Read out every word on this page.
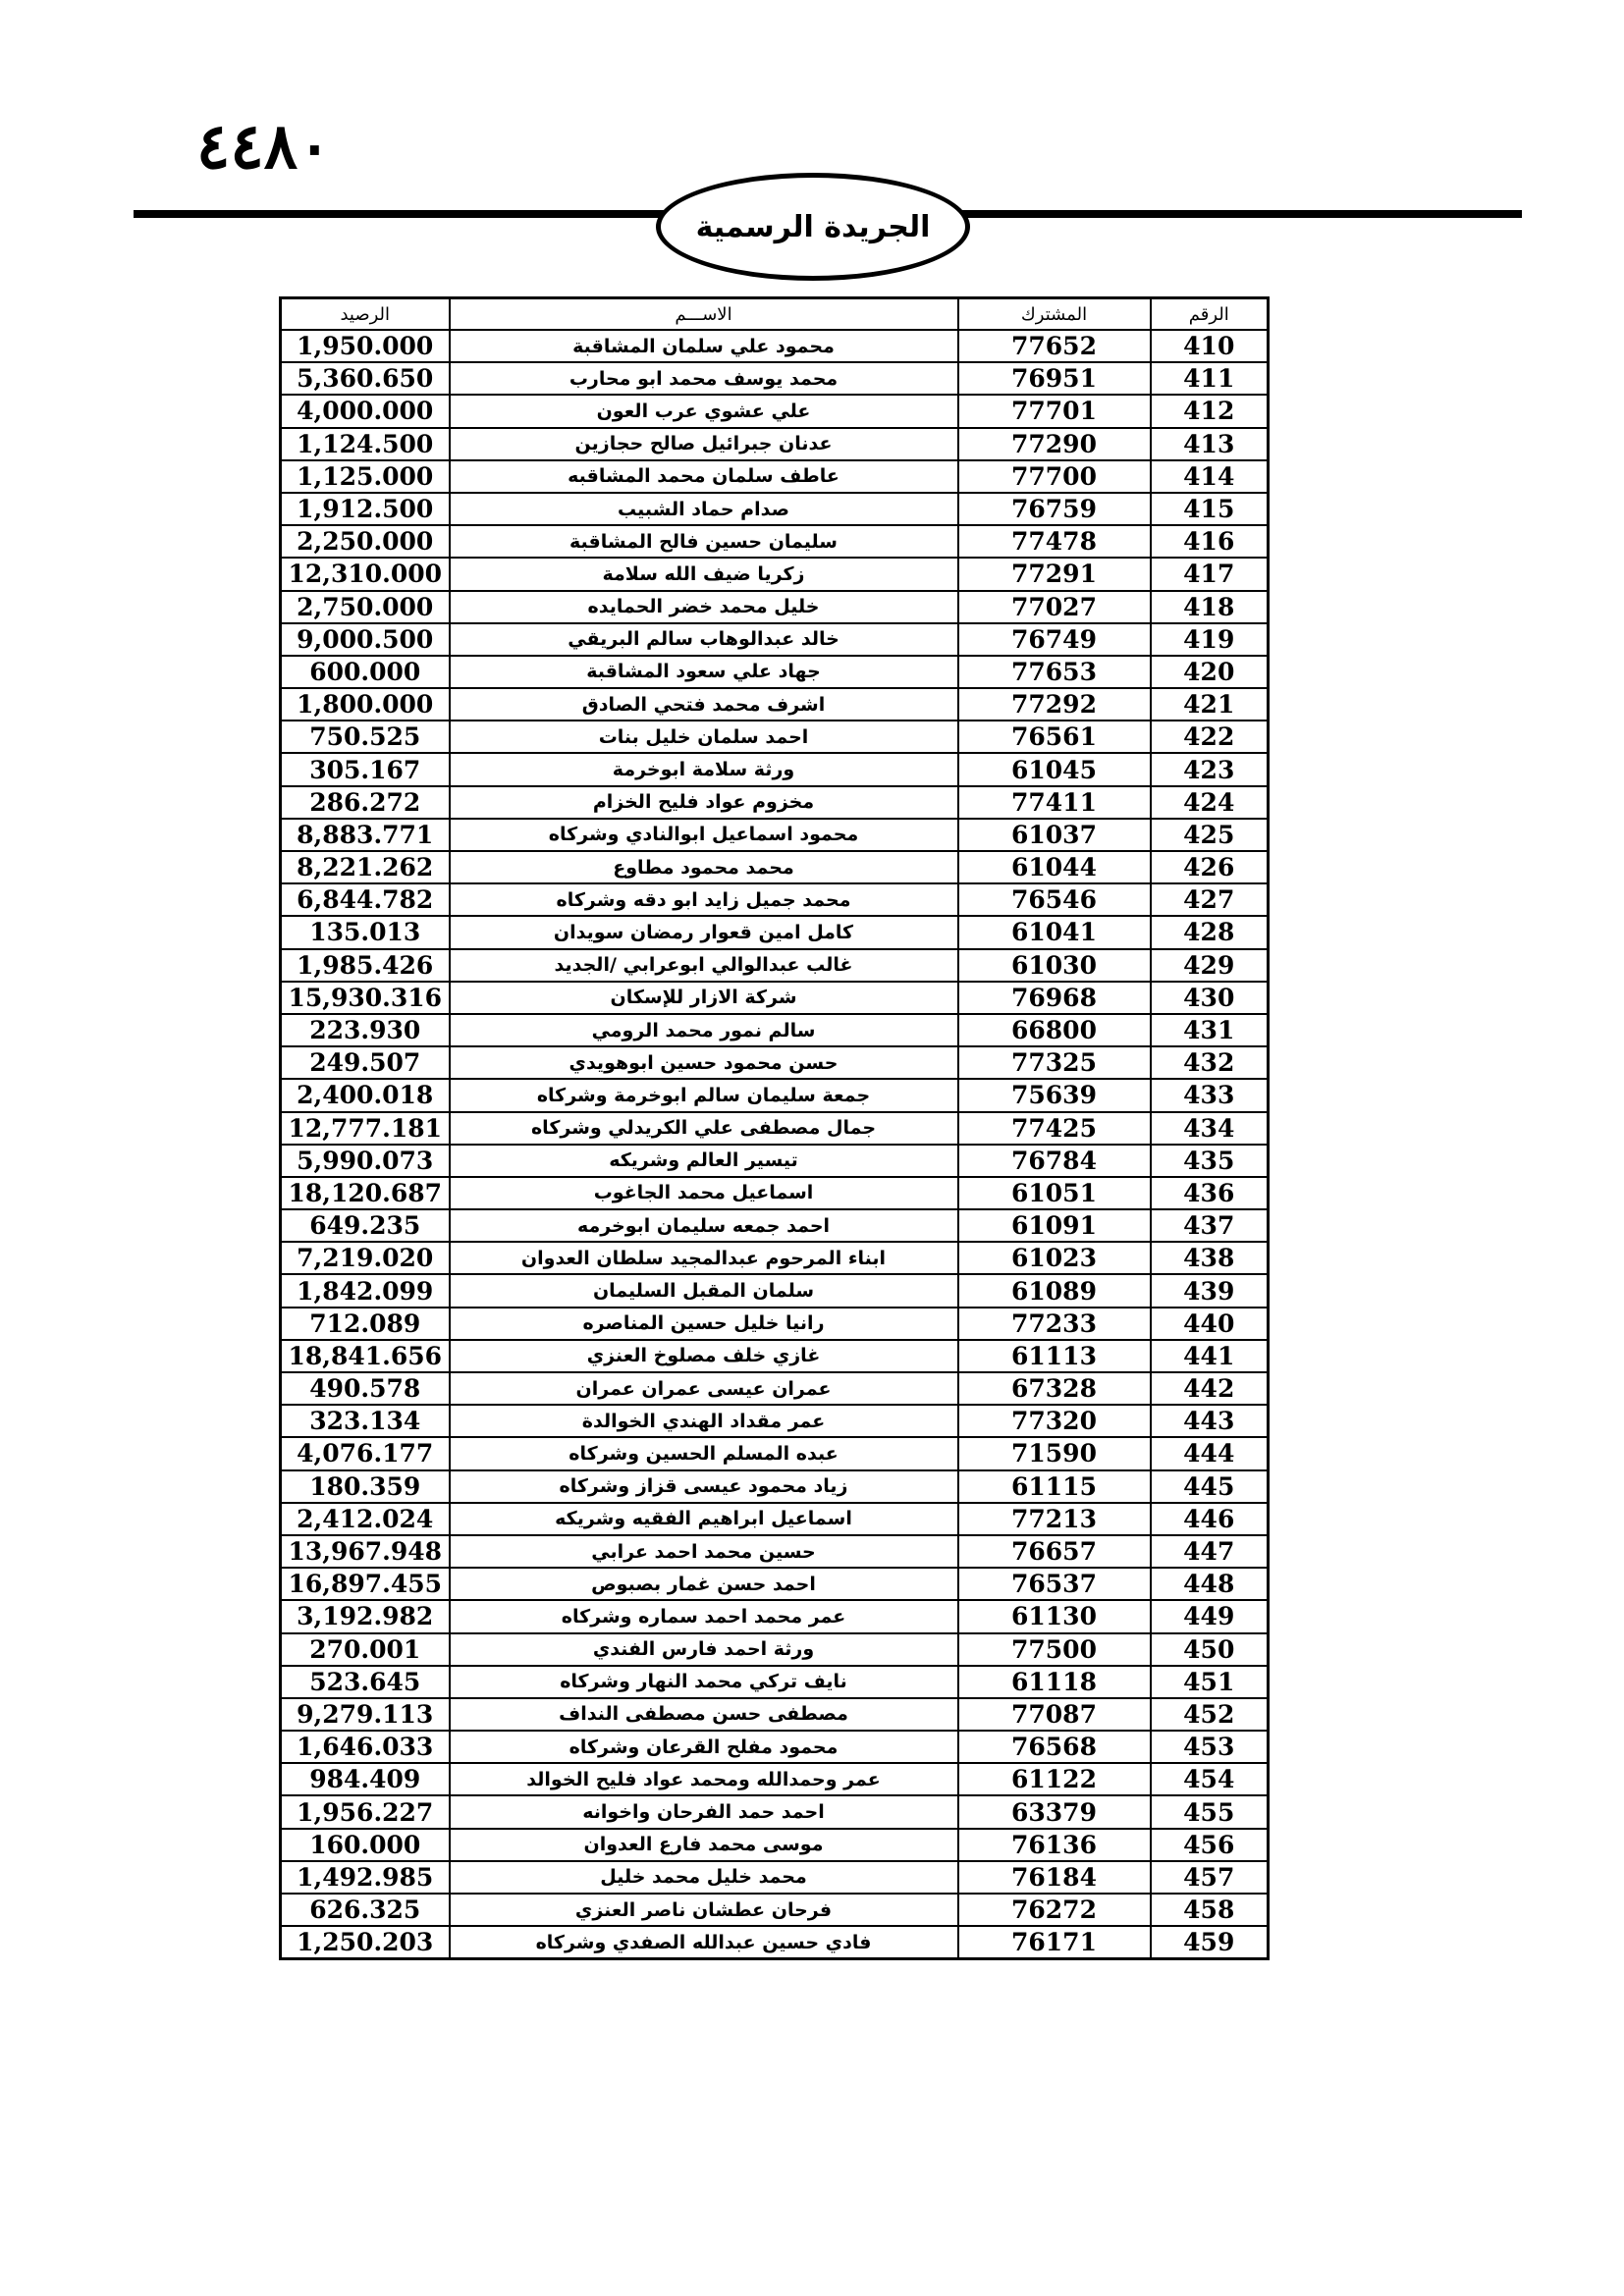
٤٤٨٠
الجريدة الرسمية
الرقم	المشترك	الاســـم	الرصيد
410	77652	محمود علي سلمان المشاقبة	1,950.000
411	76951	محمد يوسف محمد ابو محارب	5,360.650
412	77701	علي عشوي عرب العون	4,000.000
413	77290	عدنان جبرائيل صالح حجازين	1,124.500
414	77700	عاطف سلمان محمد المشاقبه	1,125.000
415	76759	صدام حماد الشبيب	1,912.500
416	77478	سليمان حسين فالح المشاقبة	2,250.000
417	77291	زكريا ضيف الله سلامة	12,310.000
418	77027	خليل محمد خضر الحمايده	2,750.000
419	76749	خالد عبدالوهاب سالم البريقي	9,000.500
420	77653	جهاد علي سعود المشاقبة	600.000
421	77292	اشرف محمد فتحي الصادق	1,800.000
422	76561	احمد سلمان خليل بنات	750.525
423	61045	ورثة سلامة ابوخرمة	305.167
424	77411	مخزوم عواد فليح الخزام	286.272
425	61037	محمود اسماعيل ابوالنادي وشركاه	8,883.771
426	61044	محمد محمود مطاوع	8,221.262
427	76546	محمد جميل زايد ابو دقه وشركاه	6,844.782
428	61041	كامل امين قعوار رمضان سويدان	135.013
429	61030	غالب عبدالوالي ابوعرابي /الجديد	1,985.426
430	76968	شركة الازار للإسكان	15,930.316
431	66800	سالم نمور محمد الرومي	223.930
432	77325	حسن محمود حسين ابوهويدي	249.507
433	75639	جمعة سليمان سالم ابوخرمة وشركاه	2,400.018
434	77425	جمال مصطفى علي الكريدلي وشركاه	12,777.181
435	76784	تيسير العالم وشريكه	5,990.073
436	61051	اسماعيل محمد الجاغوب	18,120.687
437	61091	احمد جمعه سليمان ابوخرمه	649.235
438	61023	ابناء المرحوم عبدالمجيد سلطان العدوان	7,219.020
439	61089	سلمان المقبل السليمان	1,842.099
440	77233	رانيا خليل حسين المناصره	712.089
441	61113	غازي خلف مصلوخ العنزي	18,841.656
442	67328	عمران عيسى عمران عمران	490.578
443	77320	عمر مقداد الهندي الخوالدة	323.134
444	71590	عبده المسلم الحسين وشركاه	4,076.177
445	61115	زياد محمود عيسى قزاز وشركاه	180.359
446	77213	اسماعيل ابراهيم الفقيه وشريكه	2,412.024
447	76657	حسين محمد احمد عرابي	13,967.948
448	76537	احمد حسن غمار بصبوص	16,897.455
449	61130	عمر محمد احمد سماره وشركاه	3,192.982
450	77500	ورثة احمد فارس الفندي	270.001
451	61118	نايف تركي محمد النهار وشركاه	523.645
452	77087	مصطفى حسن مصطفى النداف	9,279.113
453	76568	محمود مفلح القرعان وشركاه	1,646.033
454	61122	عمر وحمدالله ومحمد عواد فليح الخوالد	984.409
455	63379	احمد حمد الفرحان واخوانه	1,956.227
456	76136	موسى محمد فارع العدوان	160.000
457	76184	محمد خليل محمد خليل	1,492.985
458	76272	فرحان عطشان ناصر العنزي	626.325
459	76171	فادي حسين عبدالله الصفدي وشركاه	1,250.203
